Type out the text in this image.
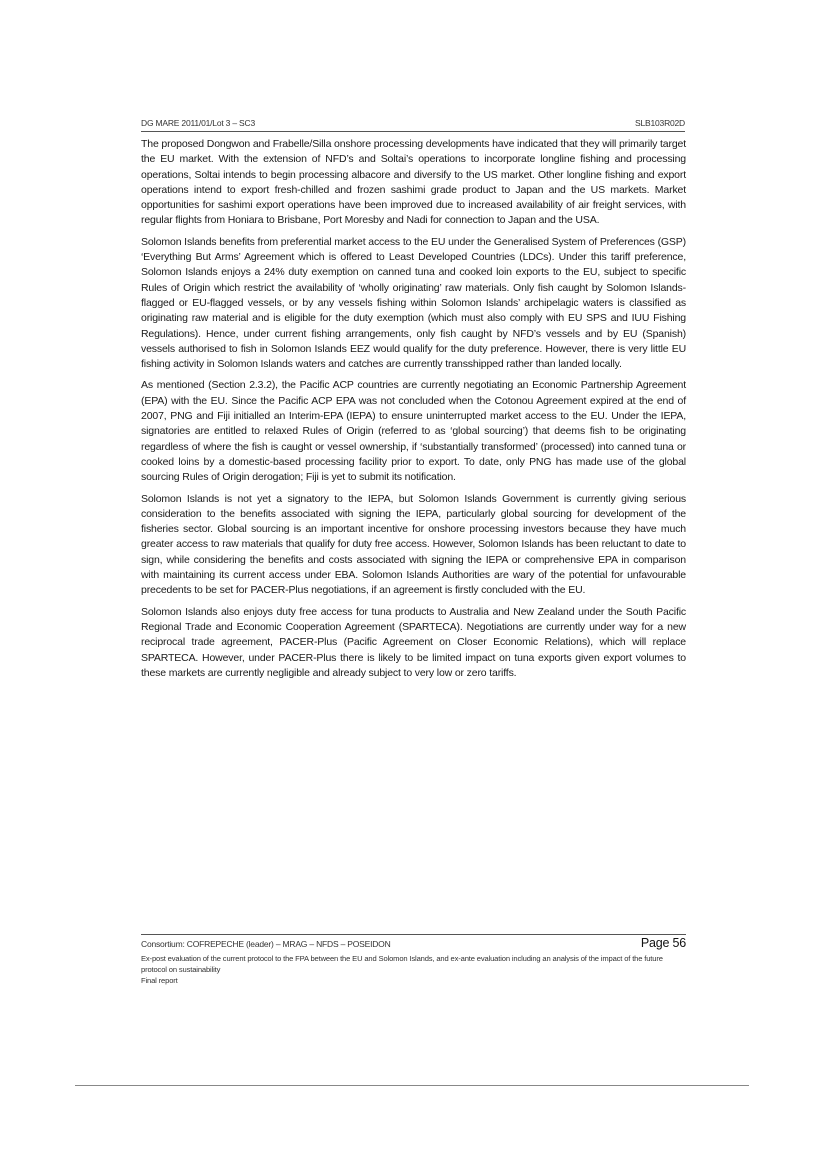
DG MARE 2011/01/Lot 3 – SC3	SLB103R02D

The proposed Dongwon and Frabelle/Silla onshore processing developments have indicated that they will primarily target the EU market. With the extension of NFD’s and Soltai’s operations to incorporate longline fishing and processing operations, Soltai intends to begin processing albacore and diversify to the US market. Other longline fishing and export operations intend to export fresh-chilled and frozen sashimi grade product to Japan and the US markets. Market opportunities for sashimi export operations have been improved due to increased availability of air freight services, with regular flights from Honiara to Brisbane, Port Moresby and Nadi for connection to Japan and the USA.

Solomon Islands benefits from preferential market access to the EU under the Generalised System of Preferences (GSP) ‘Everything But Arms’ Agreement which is offered to Least Developed Countries (LDCs). Under this tariff preference, Solomon Islands enjoys a 24% duty exemption on canned tuna and cooked loin exports to the EU, subject to specific Rules of Origin which restrict the availability of ‘wholly originating’ raw materials. Only fish caught by Solomon Islands-flagged or EU-flagged vessels, or by any vessels fishing within Solomon Islands’ archipelagic waters is classified as originating raw material and is eligible for the duty exemption (which must also comply with EU SPS and IUU Fishing Regulations). Hence, under current fishing arrangements, only fish caught by NFD’s vessels and by EU (Spanish) vessels authorised to fish in Solomon Islands EEZ would qualify for the duty preference. However, there is very little EU fishing activity in Solomon Islands waters and catches are currently transshipped rather than landed locally.

As mentioned (Section 2.3.2), the Pacific ACP countries are currently negotiating an Economic Partnership Agreement (EPA) with the EU. Since the Pacific ACP EPA was not concluded when the Cotonou Agreement expired at the end of 2007, PNG and Fiji initialled an Interim-EPA (IEPA) to ensure uninterrupted market access to the EU. Under the IEPA, signatories are entitled to relaxed Rules of Origin (referred to as ‘global sourcing’) that deems fish to be originating regardless of where the fish is caught or vessel ownership, if ‘substantially transformed’ (processed) into canned tuna or cooked loins by a domestic-based processing facility prior to export. To date, only PNG has made use of the global sourcing Rules of Origin derogation; Fiji is yet to submit its notification.

Solomon Islands is not yet a signatory to the IEPA, but Solomon Islands Government is currently giving serious consideration to the benefits associated with signing the IEPA, particularly global sourcing for development of the fisheries sector. Global sourcing is an important incentive for onshore processing investors because they have much greater access to raw materials that qualify for duty free access. However, Solomon Islands has been reluctant to date to sign, while considering the benefits and costs associated with signing the IEPA or comprehensive EPA in comparison with maintaining its current access under EBA. Solomon Islands Authorities are wary of the potential for unfavourable precedents to be set for PACER-Plus negotiations, if an agreement is firstly concluded with the EU.

Solomon Islands also enjoys duty free access for tuna products to Australia and New Zealand under the South Pacific Regional Trade and Economic Cooperation Agreement (SPARTECA). Negotiations are currently under way for a new reciprocal trade agreement, PACER-Plus (Pacific Agreement on Closer Economic Relations), which will replace SPARTECA. However, under PACER-Plus there is likely to be limited impact on tuna exports given export volumes to these markets are currently negligible and already subject to very low or zero tariffs.

Consortium: COFREPECHE (leader) – MRAG – NFDS – POSEIDON	Page 56
Ex-post evaluation of the current protocol to the FPA between the EU and Solomon Islands, and ex-ante evaluation including an analysis of the impact of the future protocol on sustainability
Final report
